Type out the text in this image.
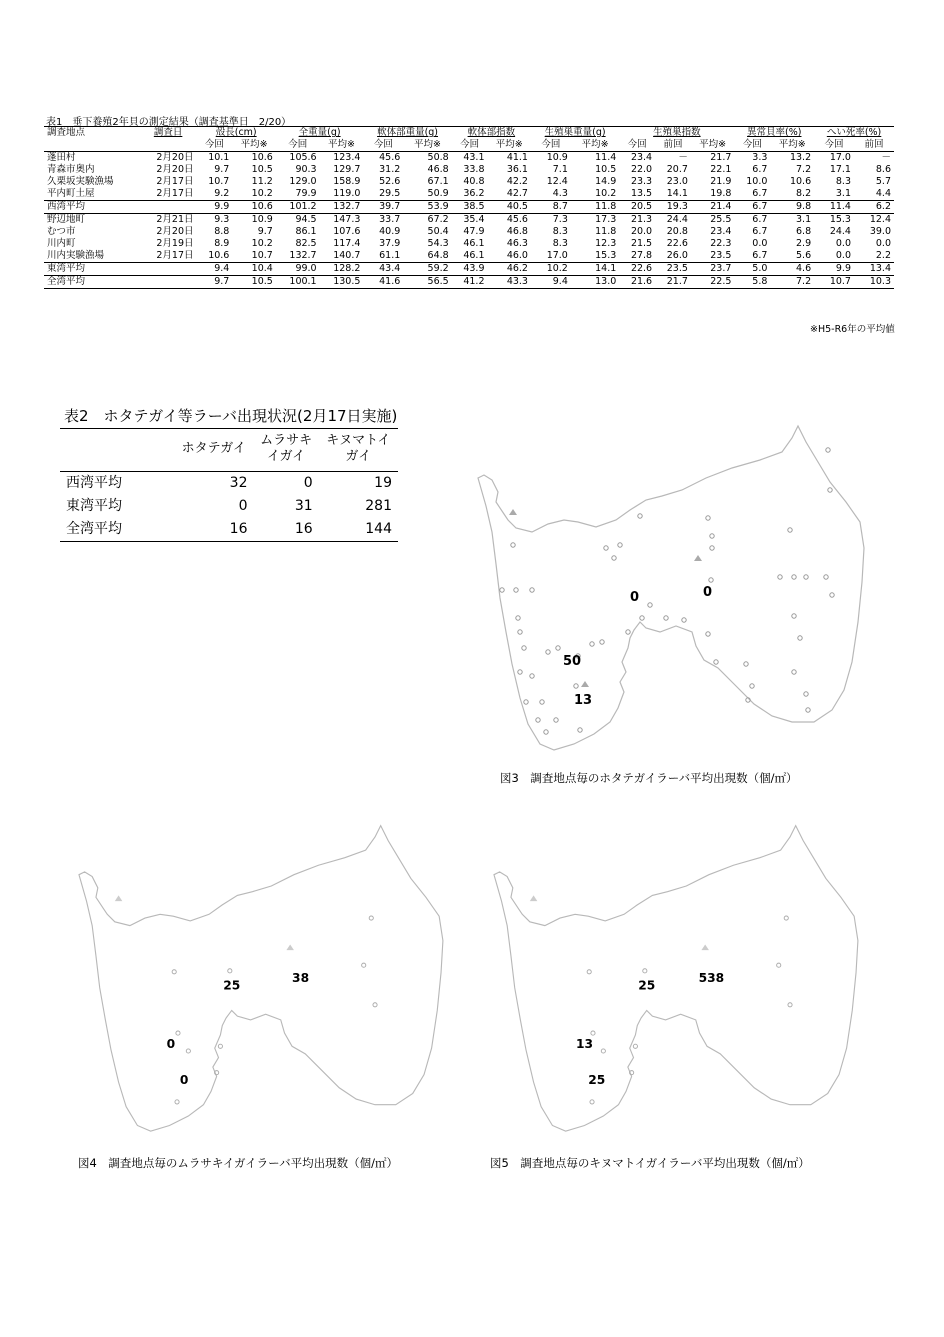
表1　垂下養殖2年貝の測定結果（調査基準日　2/20）
調査地点	調査日	殻長(cm)		全重量(g)		軟体部重量(g)		軟体部指数		生殖巣重量(g)		生殖巣指数			異常貝率(%)		へい死率(%)	
		今回	平均※	今回	平均※	今回	平均※	今回	平均※	今回	平均※	今回	前回	平均※	今回	平均※	今回	前回
蓬田村	2月20日	10.1	10.6	105.6	123.4	45.6	50.8	43.1	41.1	10.9	11.4	23.4	－	21.7	3.3	13.2	17.0	－
青森市奥内	2月20日	9.7	10.5	90.3	129.7	31.2	46.8	33.8	36.1	7.1	10.5	22.0	20.7	22.1	6.7	7.2	17.1	8.6
久栗坂実験漁場	2月17日	10.7	11.2	129.0	158.9	52.6	67.1	40.8	42.2	12.4	14.9	23.3	23.0	21.9	10.0	10.6	8.3	5.7
平内町土屋	2月17日	9.2	10.2	79.9	119.0	29.5	50.9	36.2	42.7	4.3	10.2	13.5	14.1	19.8	6.7	8.2	3.1	4.4
西湾平均		9.9	10.6	101.2	132.7	39.7	53.9	38.5	40.5	8.7	11.8	20.5	19.3	21.4	6.7	9.8	11.4	6.2
野辺地町	2月21日	9.3	10.9	94.5	147.3	33.7	67.2	35.4	45.6	7.3	17.3	21.3	24.4	25.5	6.7	3.1	15.3	12.4
むつ市	2月20日	8.8	9.7	86.1	107.6	40.9	50.4	47.9	46.8	8.3	11.8	20.0	20.8	23.4	6.7	6.8	24.4	39.0
川内町	2月19日	8.9	10.2	82.5	117.4	37.9	54.3	46.1	46.3	8.3	12.3	21.5	22.6	22.3	0.0	2.9	0.0	0.0
川内実験漁場	2月17日	10.6	10.7	132.7	140.7	61.1	64.8	46.1	46.0	17.0	15.3	27.8	26.0	23.5	6.7	5.6	0.0	2.2
東湾平均		9.4	10.4	99.0	128.2	43.4	59.2	43.9	46.2	10.2	14.1	22.6	23.5	23.7	5.0	4.6	9.9	13.4
全湾平均		9.7	10.5	100.1	130.5	41.6	56.5	41.2	43.3	9.4	13.0	21.6	21.7	22.5	5.8	7.2	10.7	10.3
※H5-R6年の平均値
表2　ホタテガイ等ラーバ出現状況(2月17日実施)
	ホタテガイ	ムラサキ
イガイ	キヌマトイ
ガイ
西湾平均	32	0	19
東湾平均	0	31	281
全湾平均	16	16	144
0	0
50
13
図3　調査地点毎のホタテガイラーバ平均出現数（個/㎡）
25
38
0
0
図4　調査地点毎のムラサキイガイラーバ平均出現数（個/㎡）
25
538
13
25
図5　調査地点毎のキヌマトイガイラーバ平均出現数（個/㎡）
